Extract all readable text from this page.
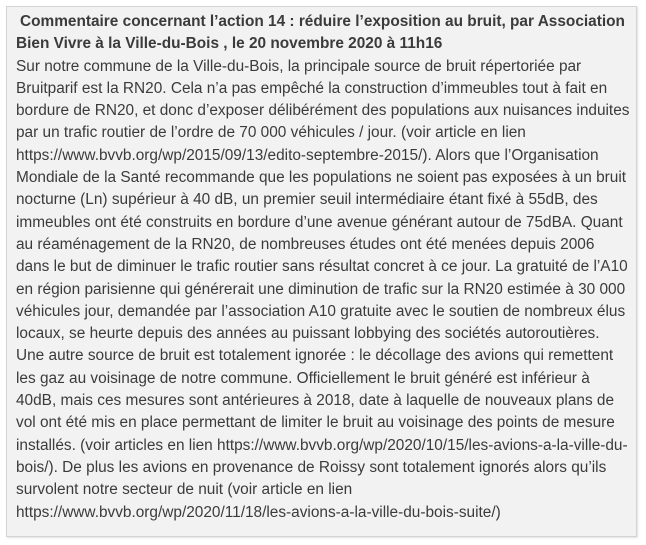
Commentaire concernant l’action 14 : réduire l’exposition au bruit, par Association
Bien Vivre à la Ville-du-Bois , le 20 novembre 2020 à 11h16

Sur notre commune de la Ville-du-Bois, la principale source de bruit répertoriée par Bruitparif est la RN20. Cela n’a pas empêché la construction d’immeubles tout à fait en bordure de RN20, et donc d’exposer délibérément des populations aux nuisances induites par un trafic routier de l’ordre de 70 000 véhicules / jour. (voir article en lien https://www.bvvb.org/wp/2015/09/13/edito-septembre-2015/). Alors que l’Organisation Mondiale de la Santé recommande que les populations ne soient pas exposées à un bruit nocturne (Ln) supérieur à 40 dB, un premier seuil intermédiaire étant fixé à 55dB, des immeubles ont été construits en bordure d’une avenue générant autour de 75dBA. Quant au réaménagement de la RN20, de nombreuses études ont été menées depuis 2006 dans le but de diminuer le trafic routier sans résultat concret à ce jour. La gratuité de l’A10 en région parisienne qui générerait une diminution de trafic sur la RN20 estimée à 30 000 véhicules jour, demandée par l’association A10 gratuite avec le soutien de nombreux élus locaux, se heurte depuis des années au puissant lobbying des sociétés autoroutières.

Une autre source de bruit est totalement ignorée : le décollage des avions qui remettent les gaz au voisinage de notre commune. Officiellement le bruit généré est inférieur à 40dB, mais ces mesures sont antérieures à 2018, date à laquelle de nouveaux plans de vol ont été mis en place permettant de limiter le bruit au voisinage des points de mesure installés. (voir articles en lien https://www.bvvb.org/wp/2020/10/15/les-avions-a-la-ville-du-bois/). De plus les avions en provenance de Roissy sont totalement ignorés alors qu’ils survolent notre secteur de nuit (voir article en lien https://www.bvvb.org/wp/2020/11/18/les-avions-a-la-ville-du-bois-suite/)
